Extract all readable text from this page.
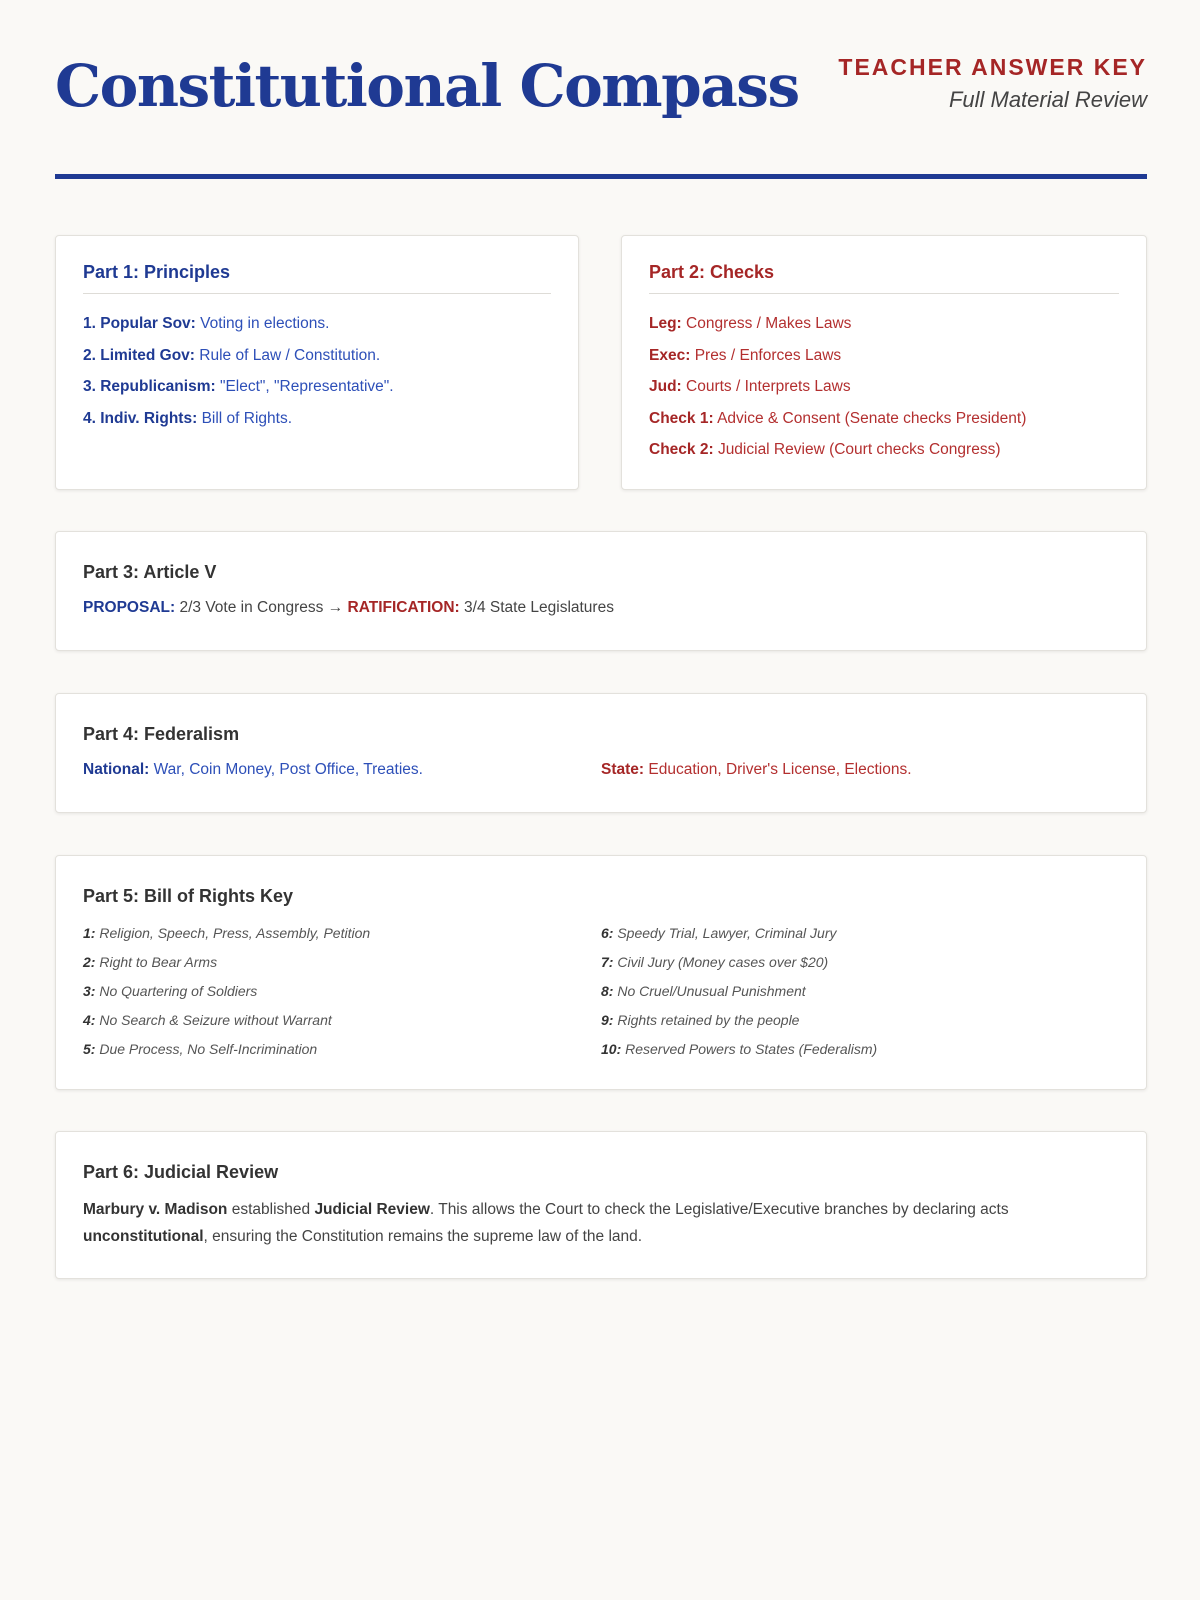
Constitutional Compass TEACHER ANSWER KEY
Full Material Review
Part 1: Principles
1. Popular Sov: Voting in elections.
2. Limited Gov: Rule of Law / Constitution.
3. Republicanism: "Elect", "Representative".
4. Indiv. Rights: Bill of Rights.
Part 2: Checks
Leg: Congress / Makes Laws
Exec: Pres / Enforces Laws
Jud: Courts / Interprets Laws
Check 1: Advice & Consent (Senate checks President)
Check 2: Judicial Review (Court checks Congress)
Part 3: Article V
PROPOSAL: 2/3 Vote in Congress → RATIFICATION: 3/4 State Legislatures
Part 4: Federalism
National: War, Coin Money, Post Office, Treaties.	State: Education, Driver's License, Elections.
Part 5: Bill of Rights Key
1: Religion, Speech, Press, Assembly, Petition
2: Right to Bear Arms
3: No Quartering of Soldiers
4: No Search & Seizure without Warrant
5: Due Process, No Self-Incrimination
6: Speedy Trial, Lawyer, Criminal Jury
7: Civil Jury (Money cases over $20)
8: No Cruel/Unusual Punishment
9: Rights retained by the people
10: Reserved Powers to States (Federalism)
Part 6: Judicial Review
Marbury v. Madison established Judicial Review. This allows the Court to check the Legislative/Executive branches by declaring acts unconstitutional, ensuring the Constitution remains the supreme law of the land.
